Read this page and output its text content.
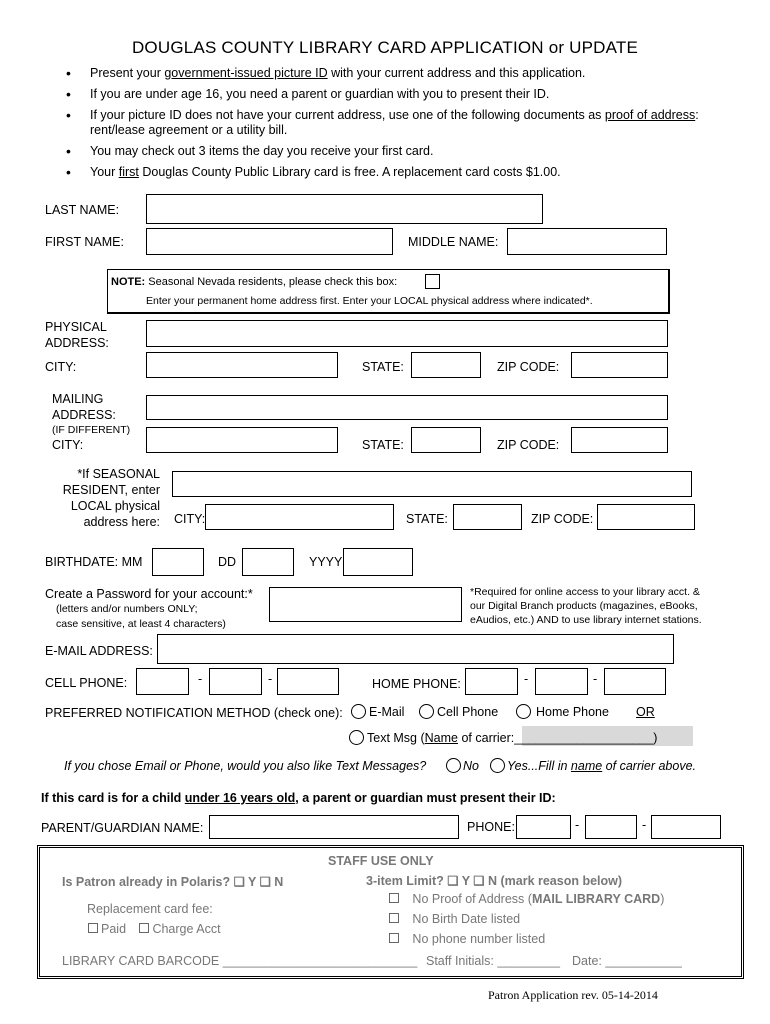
DOUGLAS COUNTY LIBRARY CARD APPLICATION or UPDATE
• Present your government-issued picture ID with your current address and this application.
• If you are under age 16, you need a parent or guardian with you to present their ID.
• If your picture ID does not have your current address, use one of the following documents as proof of address: rent/lease agreement or a utility bill.
• You may check out 3 items the day you receive your first card.
• Your first Douglas County Public Library card is free. A replacement card costs $1.00.
LAST NAME:
FIRST NAME:	MIDDLE NAME:
NOTE: Seasonal Nevada residents, please check this box:
Enter your permanent home address first. Enter your LOCAL physical address where indicated*.
PHYSICAL
ADDRESS:
CITY:	STATE:	ZIP CODE:
MAILING
ADDRESS:
(IF DIFFERENT)
CITY:	STATE:	ZIP CODE:
*If SEASONAL
RESIDENT, enter
LOCAL physical
address here: CITY:	STATE:	ZIP CODE:
BIRTHDATE: MM	DD	YYYY
Create a Password for your account:*
(letters and/or numbers ONLY;
case sensitive, at least 4 characters)
*Required for online access to your library acct. &
our Digital Branch products (magazines, eBooks,
eAudios, etc.) AND to use library internet stations.
E-MAIL ADDRESS:
CELL PHONE:	-	-	HOME PHONE:	-	-
PREFERRED NOTIFICATION METHOD (check one): E-Mail	Cell Phone	Home Phone OR
Text Msg (Name of carrier:____________________)
If you chose Email or Phone, would you also like Text Messages?	No Yes...Fill in name of carrier above.
If this card is for a child under 16 years old, a parent or guardian must present their ID:
PARENT/GUARDIAN NAME:	PHONE:	-	-
STAFF USE ONLY
Is Patron already in Polaris? ❑ Y ❑ N	3-item Limit? ❑ Y ❑ N (mark reason below)
No Proof of Address (MAIL LIBRARY CARD)
No Birth Date listed
No phone number listed
Replacement card fee:
Paid Charge Acct
LIBRARY CARD BARCODE ____________________________ Staff Initials: _________ Date: ___________
Patron Application rev. 05-14-2014
